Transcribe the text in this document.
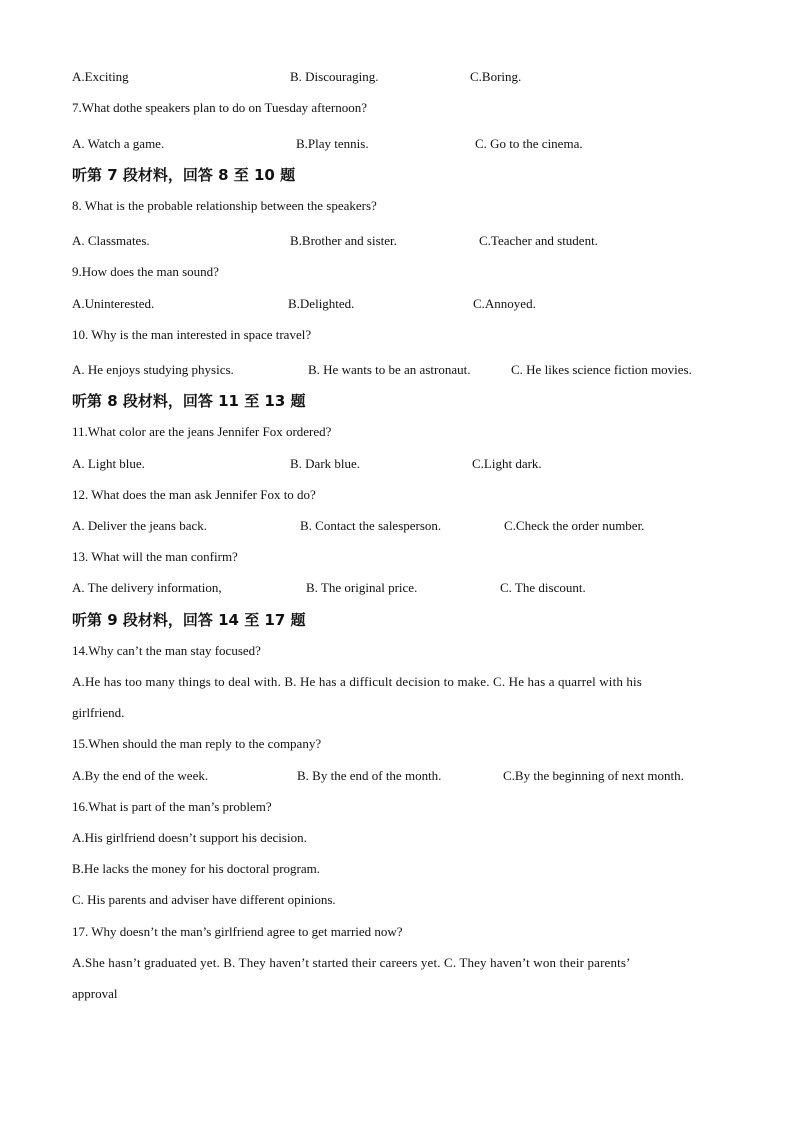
A.Exciting	B. Discouraging.	C.Boring.
7.What dothe speakers plan to do on Tuesday afternoon?
A. Watch a game.	B.Play tennis.	C. Go to the cinema.
听第 7 段材料，回答 8 至 10 题
8. What is the probable relationship between the speakers?
A. Classmates.	B.Brother and sister.	C.Teacher and student.
9.How does the man sound?
A.Uninterested.	B.Delighted.	C.Annoyed.
10. Why is the man interested in space travel?
A. He enjoys studying physics.	B. He wants to be an astronaut.	C. He likes science fiction movies.
听第 8 段材料，回答 11 至 13 题
11.What color are the jeans Jennifer Fox ordered?
A. Light blue.	B. Dark blue.	C.Light dark.
12. What does the man ask Jennifer Fox to do?
A. Deliver the jeans back.	B. Contact the salesperson.	C.Check the order number.
13. What will the man confirm?
A. The delivery information,	B. The original price.	C. The discount.
听第 9 段材料，回答 14 至 17 题
14.Why can’t the man stay focused?
A.He has too many things to deal with. B. He has a difficult decision to make. C. He has a quarrel with his
girlfriend.
15.When should the man reply to the company?
A.By the end of the week.	B. By the end of the month.	C.By the beginning of next month.
16.What is part of the man’s problem?
A.His girlfriend doesn’t support his decision.
B.He lacks the money for his doctoral program.
C. His parents and adviser have different opinions.
17. Why doesn’t the man’s girlfriend agree to get married now?
A.She hasn’t graduated yet. B. They haven’t started their careers yet. C. They haven’t won their parents’
approval
